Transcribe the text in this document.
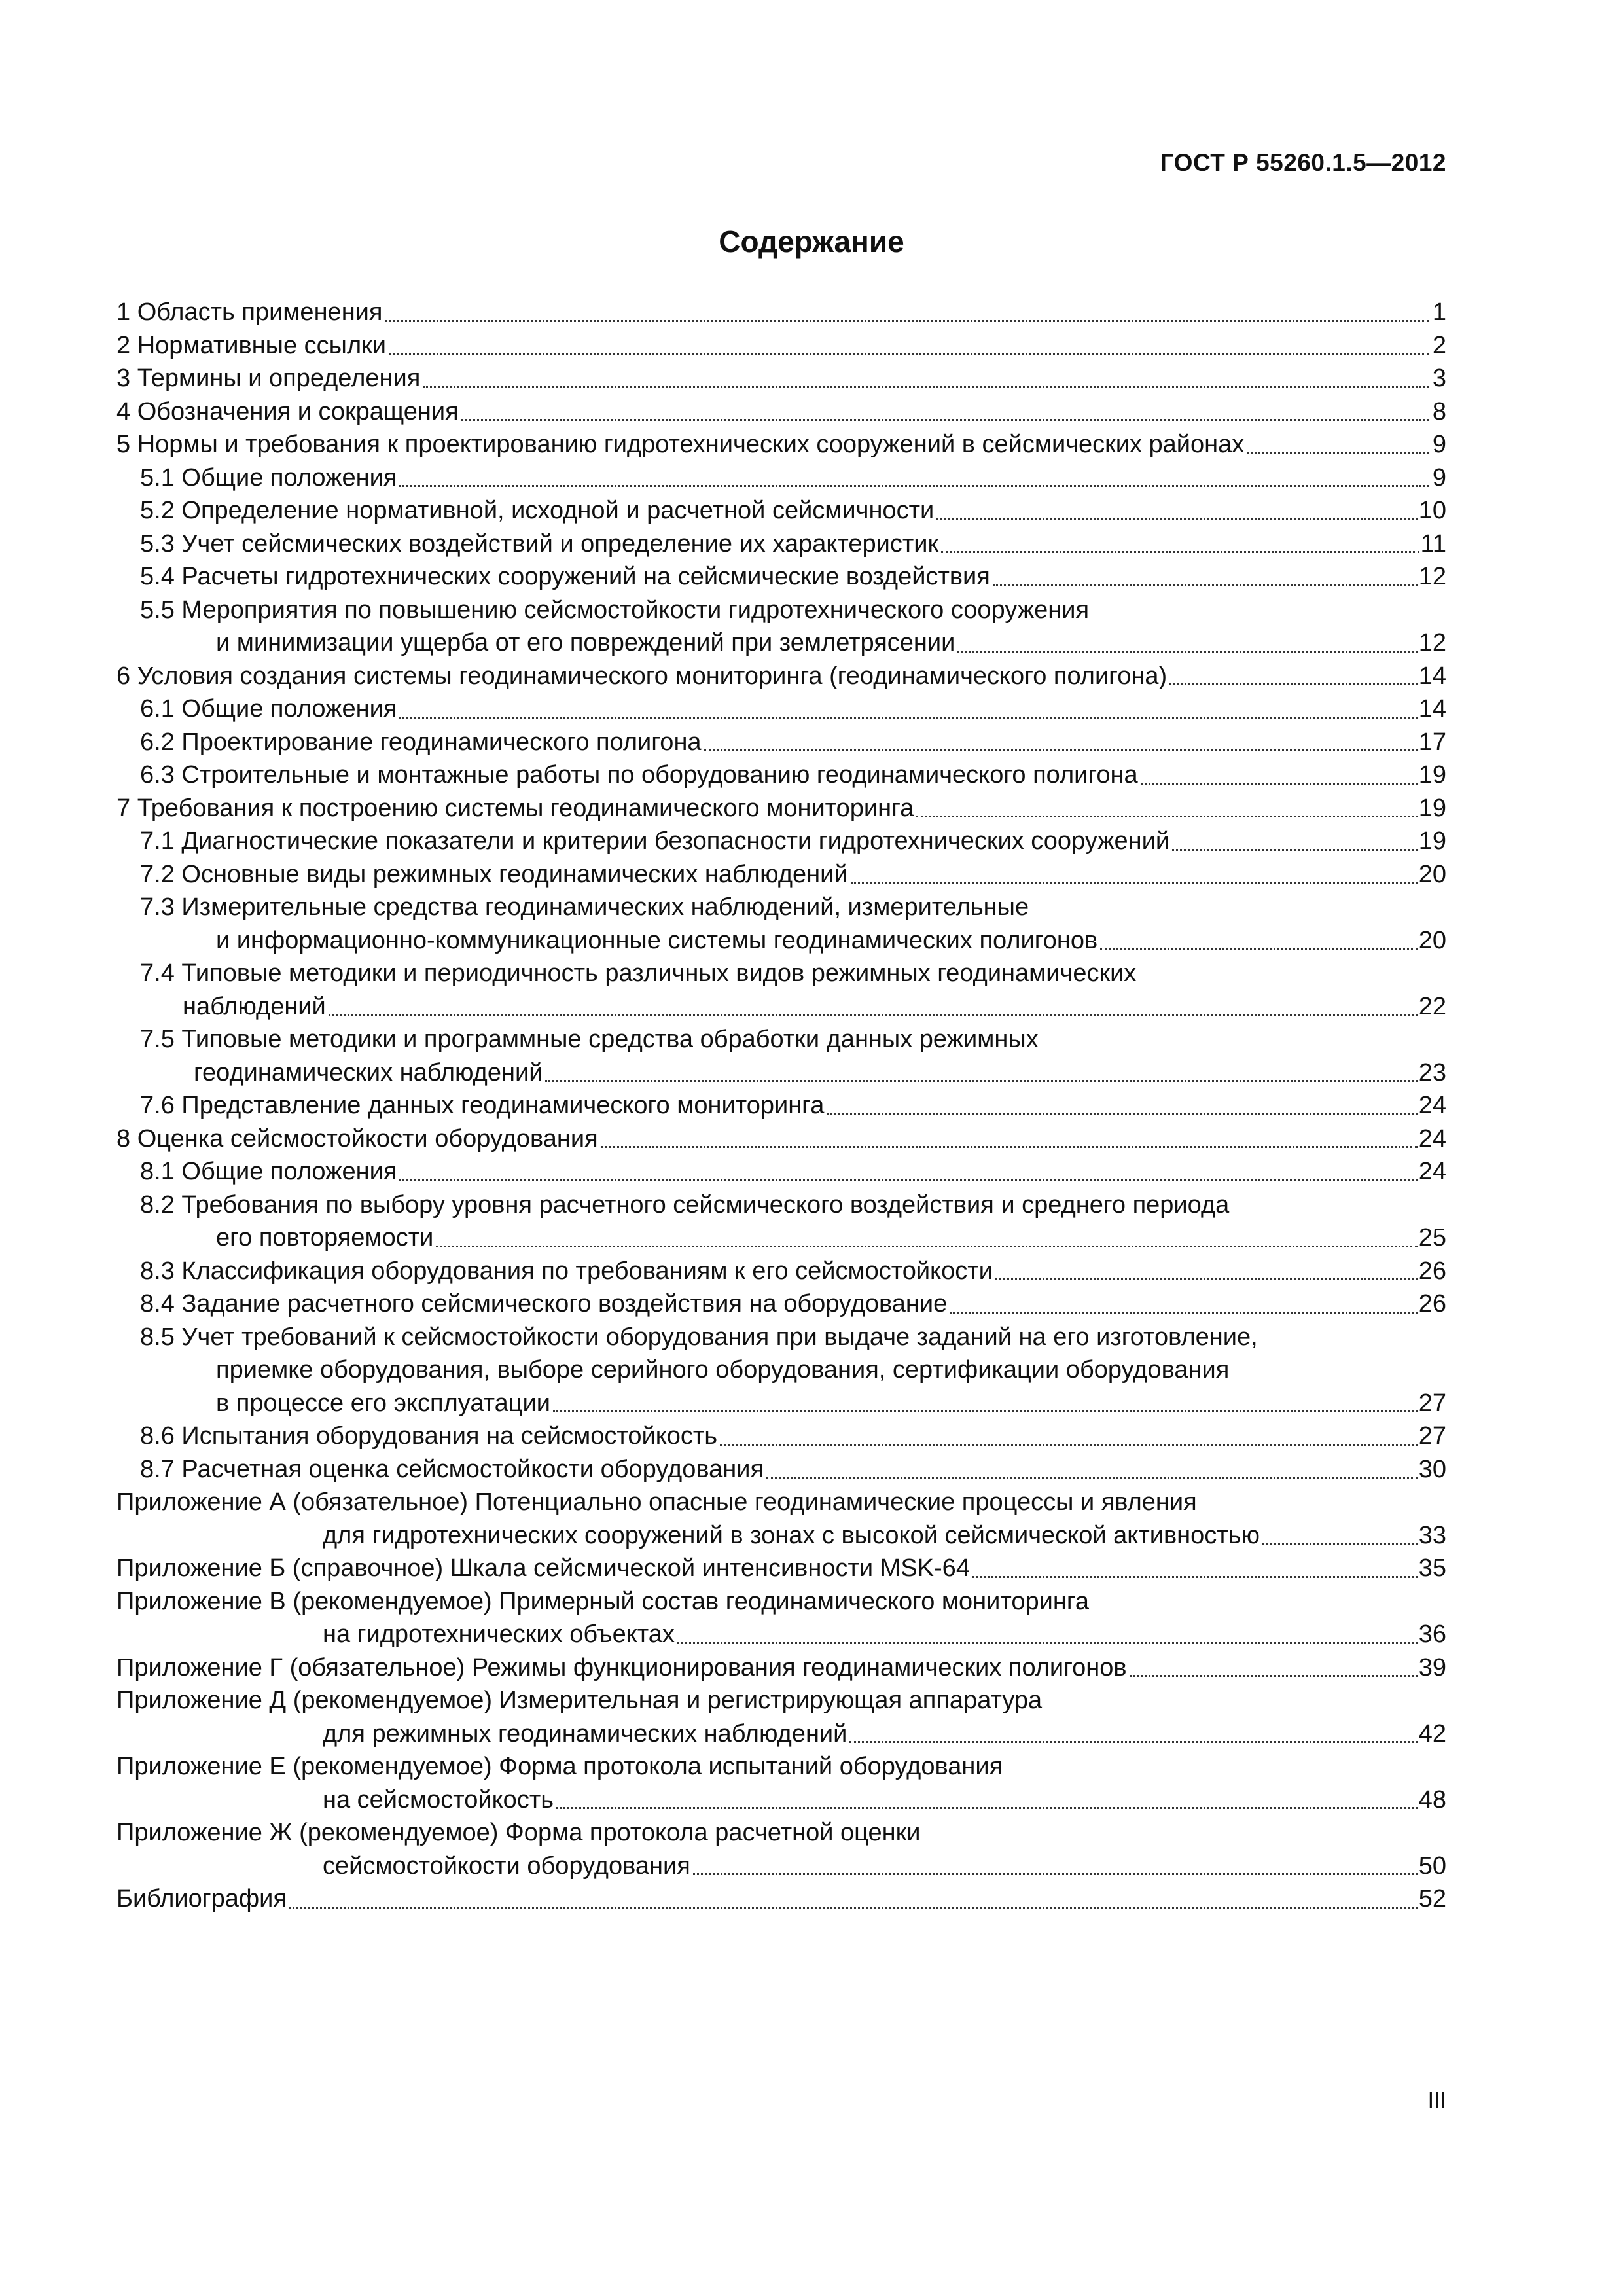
ГОСТ Р 55260.1.5—2012
Содержание
1 Область применения	1
2 Нормативные ссылки	2
3 Термины и определения	3
4 Обозначения и сокращения	8
5 Нормы и требования к проектированию гидротехнических сооружений в сейсмических районах	9
5.1 Общие положения	9
5.2 Определение нормативной, исходной и расчетной сейсмичности	10
5.3 Учет сейсмических воздействий и определение их характеристик	11
5.4 Расчеты гидротехнических сооружений на сейсмические воздействия	12
5.5 Мероприятия по повышению сейсмостойкости гидротехнического сооружения
и минимизации ущерба от его повреждений при землетрясении	12
6 Условия создания системы геодинамического мониторинга (геодинамического полигона)	14
6.1 Общие положения	14
6.2 Проектирование геодинамического полигона	17
6.3 Строительные и монтажные работы по оборудованию геодинамического полигона	19
7 Требования к построению системы геодинамического мониторинга	19
7.1 Диагностические показатели и критерии безопасности гидротехнических сооружений	19
7.2 Основные виды режимных геодинамических наблюдений	20
7.3 Измерительные средства геодинамических наблюдений, измерительные
и информационно-коммуникационные системы геодинамических полигонов	20
7.4 Типовые методики и периодичность различных видов режимных геодинамических
наблюдений	22
7.5 Типовые методики и программные средства обработки данных режимных
геодинамических наблюдений	23
7.6 Представление данных геодинамического мониторинга	24
8 Оценка сейсмостойкости оборудования	24
8.1 Общие положения	24
8.2 Требования по выбору уровня расчетного сейсмического воздействия и среднего периода
его повторяемости	25
8.3 Классификация оборудования по требованиям к его сейсмостойкости	26
8.4 Задание расчетного сейсмического воздействия на оборудование	26
8.5 Учет требований к сейсмостойкости оборудования при выдаче заданий на его изготовление,
приемке оборудования, выборе серийного оборудования, сертификации оборудования
в процессе его эксплуатации	27
8.6 Испытания оборудования на сейсмостойкость	27
8.7 Расчетная оценка сейсмостойкости оборудования	30
Приложение А (обязательное) Потенциально опасные геодинамические процессы и явления
для гидротехнических сооружений в зонах с высокой сейсмической активностью	33
Приложение Б (справочное) Шкала сейсмической интенсивности MSK-64	35
Приложение В (рекомендуемое) Примерный состав геодинамического мониторинга
на гидротехнических объектах	36
Приложение Г (обязательное) Режимы функционирования геодинамических полигонов	39
Приложение Д (рекомендуемое) Измерительная и регистрирующая аппаратура
для режимных геодинамических наблюдений	42
Приложение Е (рекомендуемое) Форма протокола испытаний оборудования
на сейсмостойкость	48
Приложение Ж (рекомендуемое) Форма протокола расчетной оценки
сейсмостойкости оборудования	50
Библиография	52
III
